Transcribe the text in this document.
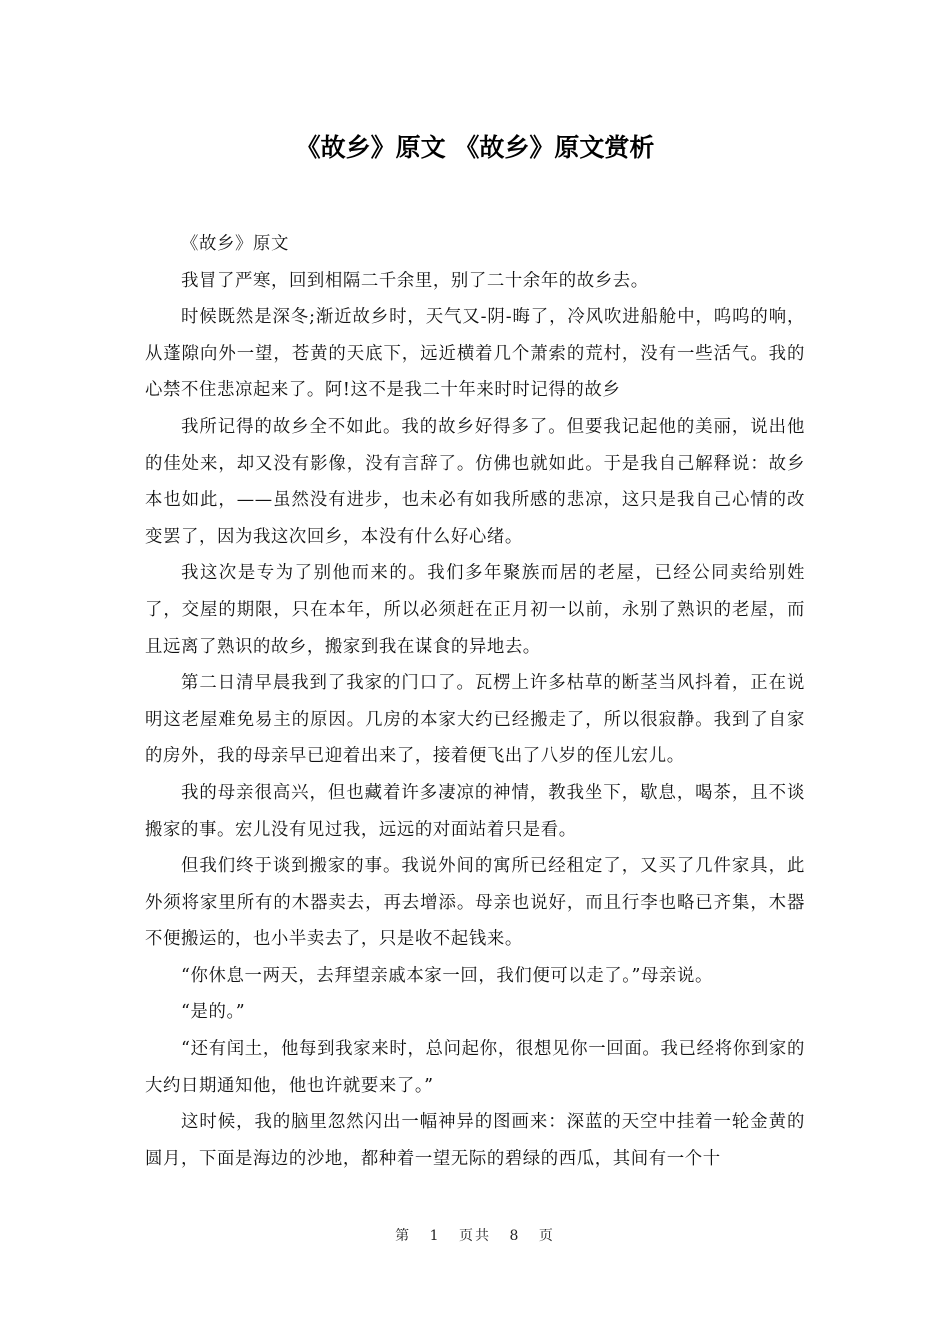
《故乡》原文 《故乡》原文赏析

《故乡》原文

我冒了严寒，回到相隔二千余里，别了二十余年的故乡去。

时候既然是深冬;渐近故乡时，天气又-阴-晦了，冷风吹进船舱中，呜呜的响，从蓬隙向外一望，苍黄的天底下，远近横着几个萧索的荒村，没有一些活气。我的心禁不住悲凉起来了。阿!这不是我二十年来时时记得的故乡

我所记得的故乡全不如此。我的故乡好得多了。但要我记起他的美丽，说出他的佳处来，却又没有影像，没有言辞了。仿佛也就如此。于是我自己解释说：故乡 本也如此，——虽然没有进步，也未必有如我所感的悲凉，这只是我自己心情的改变罢了，因为我这次回乡，本没有什么好心绪。

我这次是专为了别他而来的。我们多年聚族而居的老屋，已经公同卖给别姓了，交屋的期限，只在本年，所以必须赶在正月初一以前，永别了熟识的老屋，而且远离了熟识的故乡，搬家到我在谋食的异地去。

第二日清早晨我到了我家的门口了。瓦楞上许多枯草的断茎当风抖着，正在说明这老屋难免易主的原因。几房的本家大约已经搬走了，所以很寂静。我到了自家的房外，我的母亲早已迎着出来了，接着便飞出了八岁的侄儿宏儿。

我的母亲很高兴，但也藏着许多凄凉的神情，教我坐下，歇息，喝茶，且不谈搬家的事。宏儿没有见过我，远远的对面站着只是看。

但我们终于谈到搬家的事。我说外间的寓所已经租定了，又买了几件家具，此外须将家里所有的木器卖去，再去增添。母亲也说好，而且行李也略已齐集，木器不便搬运的，也小半卖去了，只是收不起钱来。

“你休息一两天，去拜望亲戚本家一回，我们便可以走了。”母亲说。

“是的。”

“还有闰土，他每到我家来时，总问起你，很想见你一回面。我已经将你到家的大约日期通知他，他也许就要来了。”

这时候，我的脑里忽然闪出一幅神异的图画来：深蓝的天空中挂着一轮金黄的圆月，下面是海边的沙地，都种着一望无际的碧绿的西瓜，其间有一个十

第 1 页共 8 页
